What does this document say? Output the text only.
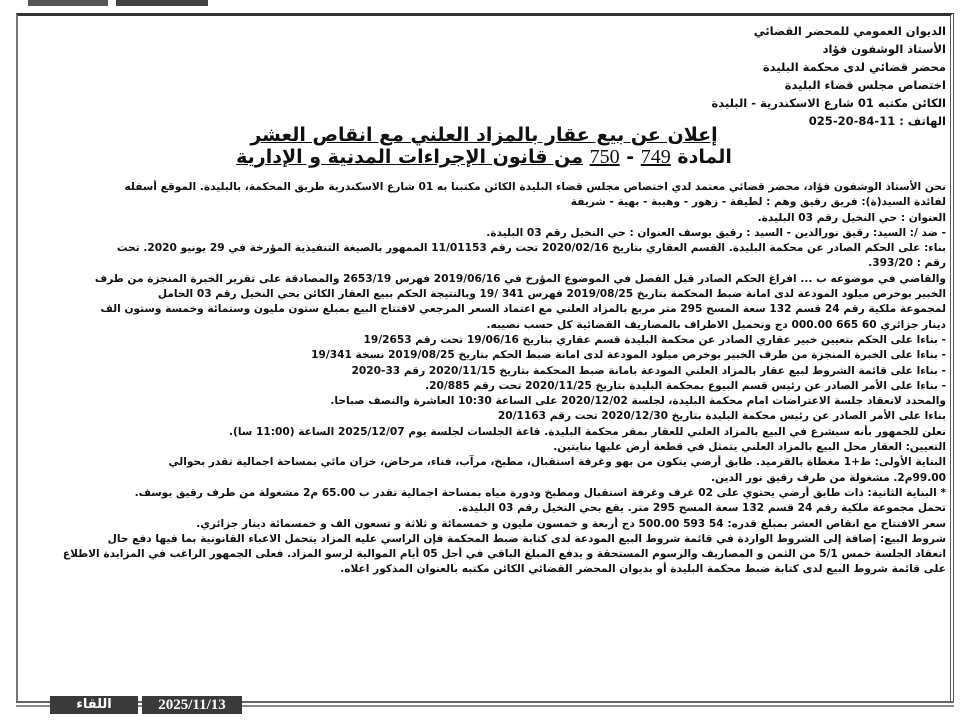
الديوان العمومي للمحضر القضائي
الأستاذ الوشفون فؤاد
محضر قضائي لدى محكمة البليدة
اختصاص مجلس قضاء البليدة
الكائن مكتبه 01 شارع الاسكندرية - البليدة
الهاتف : 11-84-20-025
إعلان عن بيع عقار بالمزاد العلني مع انقاص العشر
المادة 749 - 750 من قانون الإجراءات المدنية و الإدارية

نحن الأستاذ الوشفون فؤاد، محضر قضائي معتمد لدي اختصاص مجلس قضاء البليدة الكائن مكتبنا به 01 شارع الاسكندرية طريق المحكمة، بالبليدة. الموقع أسفله

لفائدة السيد(ة): فريق رقيق وهم : لطيفة - زهور - وهيبة - بهية - شريفة

العنوان : حي النخيل رقم 03 البليدة.

- ضد /: السيد: رقيق نورالدين - السيد : رقيق يوسف العنوان : حي النخيل رقم 03 البليدة.

بناء: على الحكم الصادر عن محكمة البليدة. القسم العقاري بتاريخ 2020/02/16 تحت رقم 11/01153 الممهور بالصيغة التنفيذية المؤرخة في 29 يونيو 2020. تحت

رقم : 393/20.

والقاضي في موضوعه ب ... افراغ الحكم الصادر قبل الفصل في الموضوع المؤرخ في 2019/06/16 فهرس 2653/19 والمصادقة على تقرير الخبرة المنجزة من طرف

الخبير بوخرص ميلود المودعة لدى امانة ضبط المحكمة بتاريخ 2019/08/25 فهرس 341 /19 وبالنتيجة الحكم ببيع العقار الكائن بحي النخيل رقم 03 الحامل

لمجموعة ملكية رقم 24 قسم 132 سعة المسح 295 متر مربع بالمزاد العلني مع اعتماد السعر المرجعي لافتتاح البيع بمبلغ ستون مليون وستمائة وخمسة وستون الف

دينار جزائري 60 665 000.00 دج وتحميل الاطراف بالمصاريف القضائية كل حسب نصيبه.

- بناءا على الحكم بتعيين خبير عقاري الصادر عن محكمة البليدة قسم عقاري بتاريخ 19/06/16 تحت رقم 19/2653

- بناءا على الخبرة المنجزة من طرف الخبير بوخرص ميلود المودعة لدى امانة ضبط الحكم بتاريخ 2019/08/25 نسخة 19/341

- بناءا على قائمة الشروط لبيع عقار بالمزاد العلني المودعة بامانة ضبط المحكمة بتاريخ 2020/11/15 رقم 33-2020

- بناءا على الأمر الصادر عن رئيس قسم البيوع بمحكمة البليدة بتاريخ 2020/11/25 تحت رقم 20/885.

والمحدد لانعقاد جلسة الاعتراضات امام محكمة البليدة، لجلسة 2020/12/02 على الساعة 10:30 العاشرة والنصف صباحا.

بناءا على الأمر الصادر عن رئيس محكمة البليدة بتاريخ 2020/12/30 تحت رقم 20/1163

نعلن للجمهور بأنه سيشرع في البيع بالمزاد العلني للعقار بمقر محكمة البليدة. قاعة الجلسات لجلسة يوم 2025/12/07 الساعة (11:00 سا).

التعيين: العقار محل البيع بالمزاد العلني يتمثل في قطعة أرض عليها بنايتين.

البناية الأولى: ط+1 مغطاة بالقرميد. طابق أرضي يتكون من بهو وغرفة استقبال، مطبخ، مرآب، فناء، مرحاض، خزان مائي بمساحة اجمالية تقدر بحوالي

99.00م2. مشغولة من طرف رقيق نور الدين.

* البناية الثانية: ذات طابق أرضي يحتوي على 02 غرف وغرفة استقبال ومطبخ ودورة مياه بمساحة اجمالية تقدر ب 65.00 م2 مشغولة من طرف رقيق يوسف.

تحمل مجموعة ملكية رقم 24 قسم 132 سعة المسح 295 متر. يقع بحي النخيل رقم 03 البليدة.

سعر الافتتاح مع انقاص العشر بمبلغ قدره: 54 593 500.00 دج أربعة و خمسون مليون و خمسمائة و ثلاثة و تسعون الف و خمسمائة دينار جزائري.

شروط البيع: إضافة إلى الشروط الواردة في قائمة شروط البيع المودعة لدى كتابة ضبط المحكمة فإن الراسي عليه المزاد يتحمل الاعباء القانونية بما فيها دفع حال

انعقاد الجلسة خمس 5/1 من الثمن و المصاريف والرسوم المستحقة و يدفع المبلغ الباقي في أجل 05 أيام الموالية لرسو المزاد. فعلى الجمهور الراغب في المزايدة الاطلاع

على قائمة شروط البيع لدى كتابة ضبط محكمة البليدة أو بديوان المحضر القضائي الكائن مكتبه بالعنوان المذكور اعلاه.

اللقاء	2025/11/13
